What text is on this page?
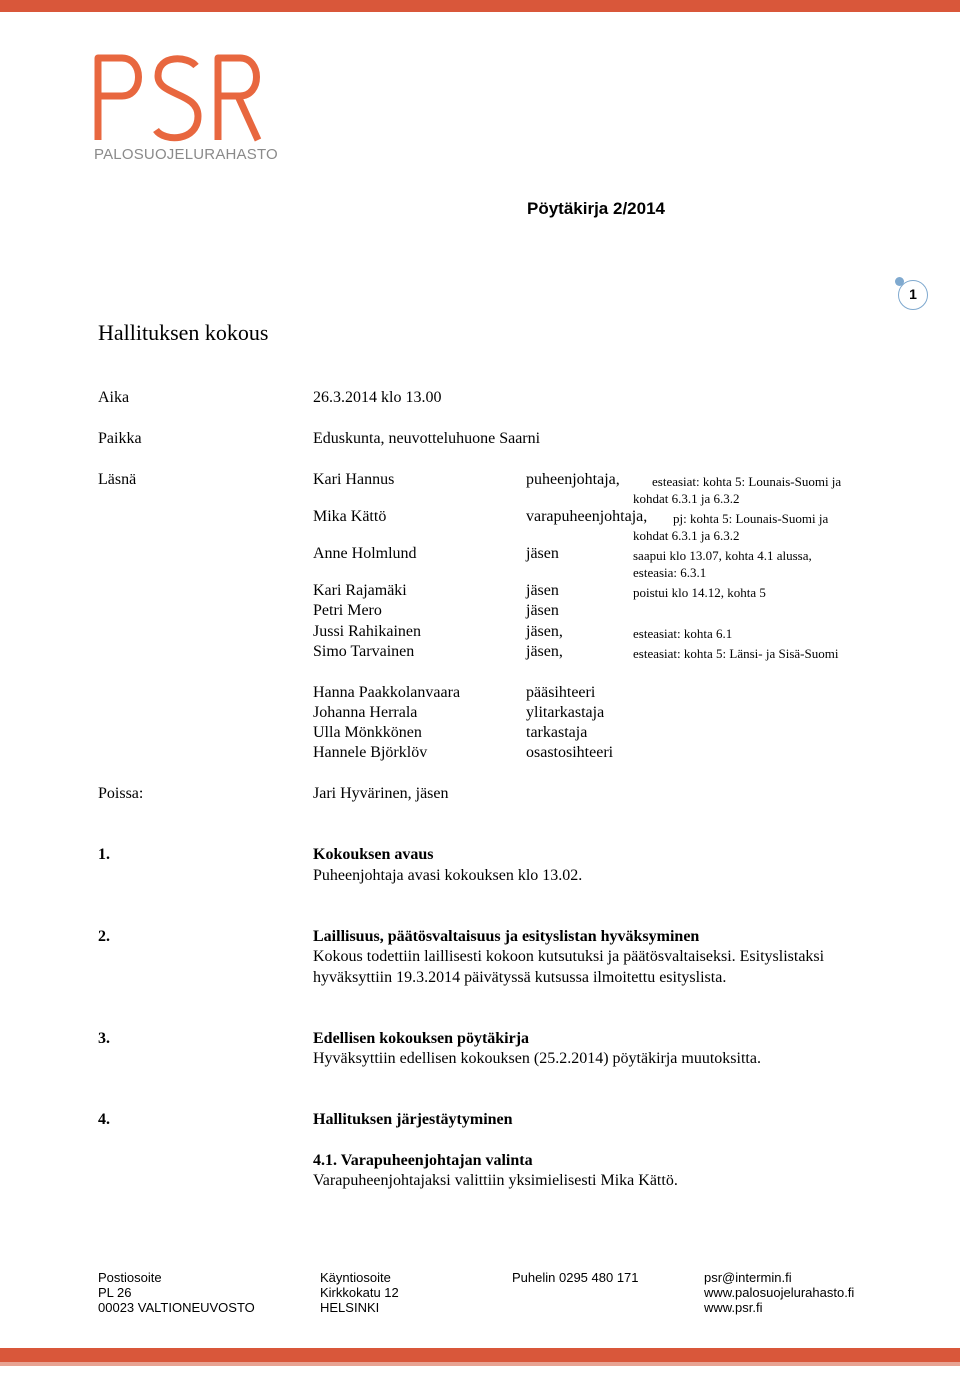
PALOSUOJELURAHASTO
Pöytäkirja 2/2014
1
Hallituksen kokous
Aika	26.3.2014 klo 13.00
Paikka	Eduskunta, neuvotteluhuone Saarni
Läsnä	Kari Hannus	puheenjohtaja, esteasiat: kohta 5: Lounais-Suomi ja
kohdat 6.3.1 ja 6.3.2
Mika Kättö	varapuheenjohtaja, pj: kohta 5: Lounais-Suomi ja
kohdat 6.3.1 ja 6.3.2
Anne Holmlund	jäsen	saapui klo 13.07, kohta 4.1 alussa,
esteasia: 6.3.1
Kari Rajamäki	jäsen	poistui klo 14.12, kohta 5
Petri Mero	jäsen
Jussi Rahikainen	jäsen,	esteasiat: kohta 6.1
Simo Tarvainen	jäsen,	esteasiat: kohta 5: Länsi- ja Sisä-Suomi
Hanna Paakkolanvaara	pääsihteeri
Johanna Herrala	ylitarkastaja
Ulla Mönkkönen	tarkastaja
Hannele Björklöv	osastosihteeri
Poissa:	Jari Hyvärinen, jäsen
1.	Kokouksen avaus
Puheenjohtaja avasi kokouksen klo 13.02.
2.	Laillisuus, päätösvaltaisuus ja esityslistan hyväksyminen
Kokous todettiin laillisesti kokoon kutsutuksi ja päätösvaltaiseksi. Esityslistaksi
hyväksyttiin 19.3.2014 päivätyssä kutsussa ilmoitettu esityslista.
3.	Edellisen kokouksen pöytäkirja
Hyväksyttiin edellisen kokouksen (25.2.2014) pöytäkirja muutoksitta.
4.	Hallituksen järjestäytyminen
4.1. Varapuheenjohtajan valinta
Varapuheenjohtajaksi valittiin yksimielisesti Mika Kättö.
Postiosoite
PL 26
00023 VALTIONEUVOSTO
Käyntiosoite
Kirkkokatu 12
HELSINKI
Puhelin 0295 480 171	psr@intermin.fi
www.palosuojelurahasto.fi
www.psr.fi
